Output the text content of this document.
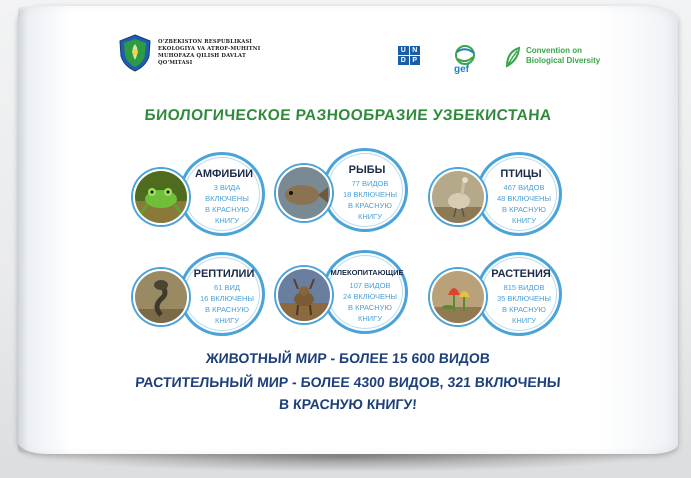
O'ZBEKISTON RESPUBLIKASI
EKOLOGIYA VA ATROF-MUHITNI
MUHOFAZA QILISH DAVLAT QO'MITASI
U N
D P
gef
Convention on
Biological Diversity
БИОЛОГИЧЕСКОЕ РАЗНООБРАЗИЕ УЗБЕКИСТАНА
АМФИБИИ
3 ВИДА
ВКЛЮЧЕНЫ
В КРАСНУЮ
КНИГУ
РЫБЫ
77 ВИДОВ
18 ВКЛЮЧЕНЫ
В КРАСНУЮ
КНИГУ
ПТИЦЫ
467 ВИДОВ
48 ВКЛЮЧЕНЫ
В КРАСНУЮ
КНИГУ
РЕПТИЛИИ
61 ВИД
16 ВКЛЮЧЕНЫ
В КРАСНУЮ
КНИГУ
МЛЕКОПИТАЮЩИЕ
107 ВИДОВ
24 ВКЛЮЧЕНЫ
В КРАСНУЮ
КНИГУ
РАСТЕНИЯ
815 ВИДОВ
35 ВКЛЮЧЕНЫ
В КРАСНУЮ
КНИГУ
ЖИВОТНЫЙ МИР - БОЛЕЕ 15 600 ВИДОВ
РАСТИТЕЛЬНЫЙ МИР - БОЛЕЕ 4300 ВИДОВ, 321 ВКЛЮЧЕНЫ
В КРАСНУЮ КНИГУ!
